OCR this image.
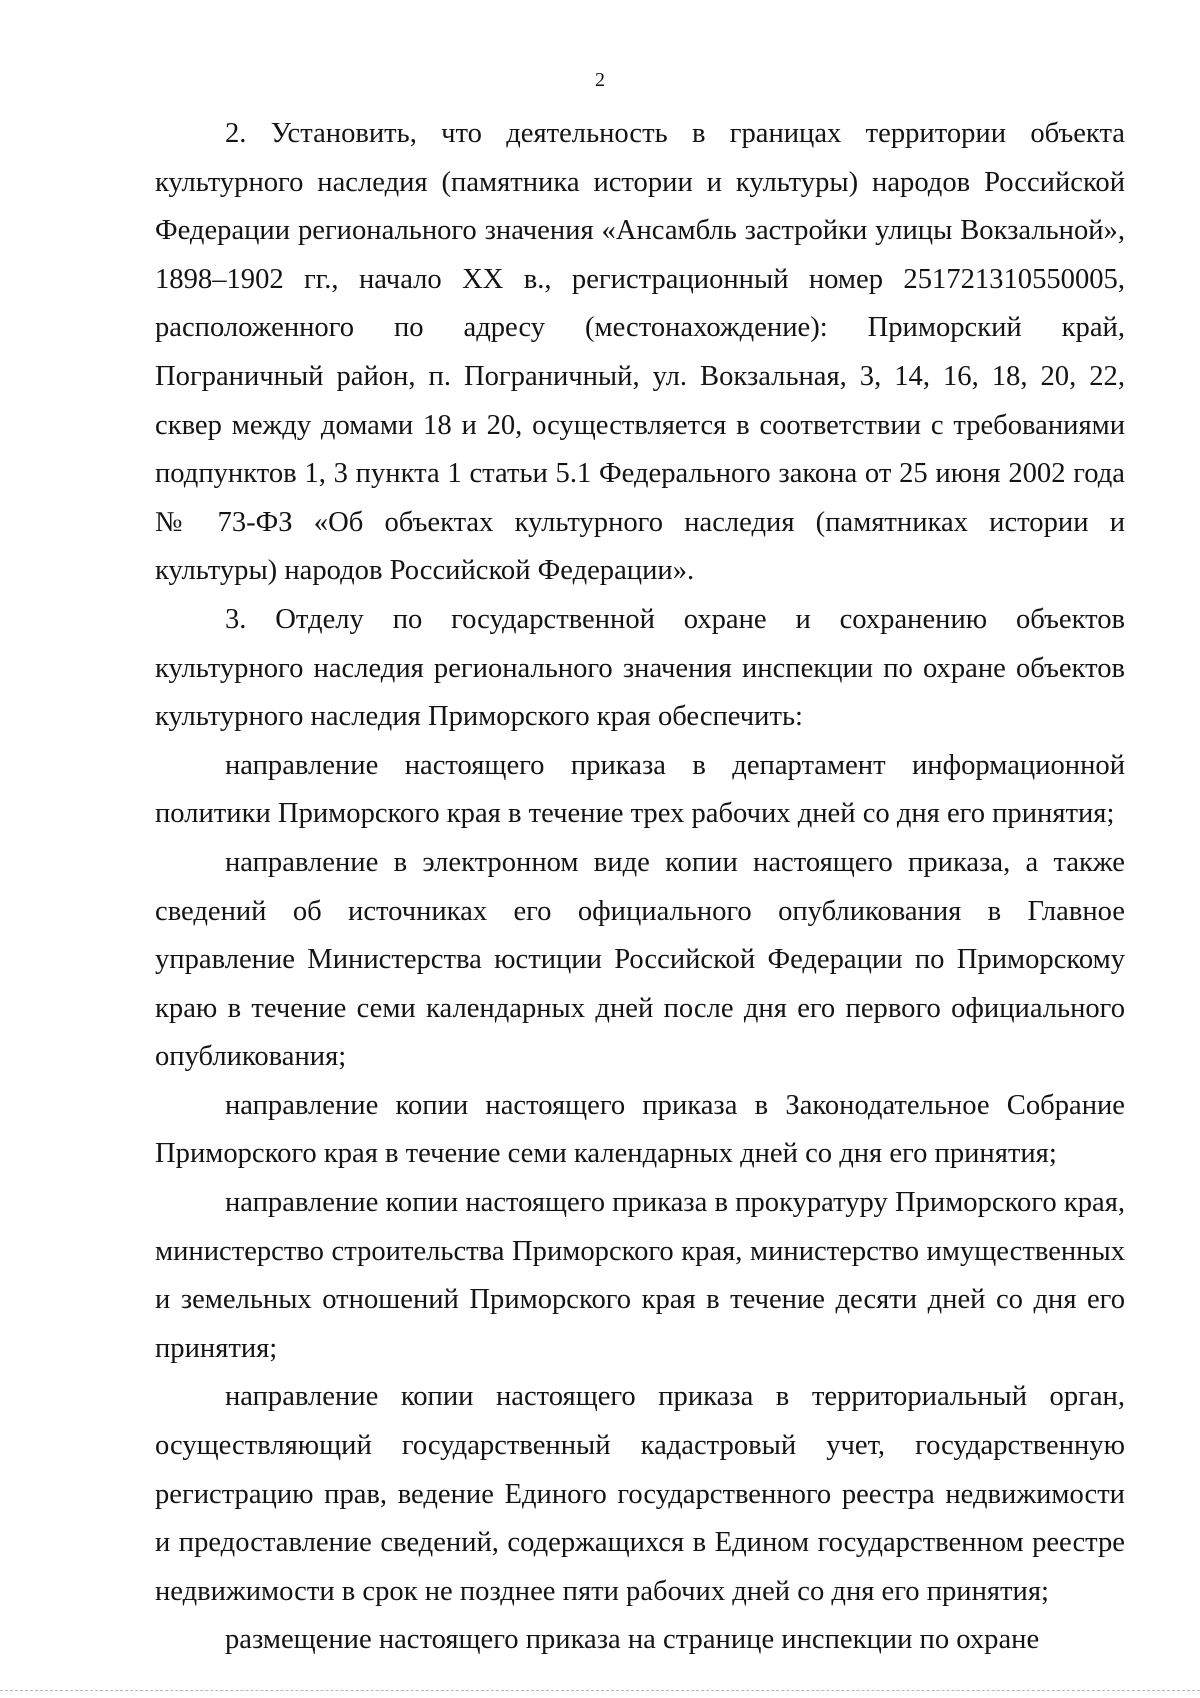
2

2. Установить, что деятельность в границах территории объекта культурного наследия (памятника истории и культуры) народов Российской Федерации регионального значения «Ансамбль застройки улицы Вокзальной», 1898–1902 гг., начало XX в., регистрационный номер 251721310550005, расположенного по адресу (местонахождение): Приморский край, Пограничный район, п. Пограничный, ул. Вокзальная, 3, 14, 16, 18, 20, 22, сквер между домами 18 и 20, осуществляется в соответствии с требованиями подпунктов 1, 3 пункта 1 статьи 5.1 Федерального закона от 25 июня 2002 года № 73-ФЗ «Об объектах культурного наследия (памятниках истории и культуры) народов Российской Федерации».

3. Отделу по государственной охране и сохранению объектов культурного наследия регионального значения инспекции по охране объектов культурного наследия Приморского края обеспечить:

направление настоящего приказа в департамент информационной политики Приморского края в течение трех рабочих дней со дня его принятия;

направление в электронном виде копии настоящего приказа, а также сведений об источниках его официального опубликования в Главное управление Министерства юстиции Российской Федерации по Приморскому краю в течение семи календарных дней после дня его первого официального опубликования;

направление копии настоящего приказа в Законодательное Собрание Приморского края в течение семи календарных дней со дня его принятия;

направление копии настоящего приказа в прокуратуру Приморского края, министерство строительства Приморского края, министерство имущественных и земельных отношений Приморского края в течение десяти дней со дня его принятия;

направление копии настоящего приказа в территориальный орган, осуществляющий государственный кадастровый учет, государственную регистрацию прав, ведение Единого государственного реестра недвижимости и предоставление сведений, содержащихся в Едином государственном реестре недвижимости в срок не позднее пяти рабочих дней со дня его принятия;

размещение настоящего приказа на странице инспекции по охране
